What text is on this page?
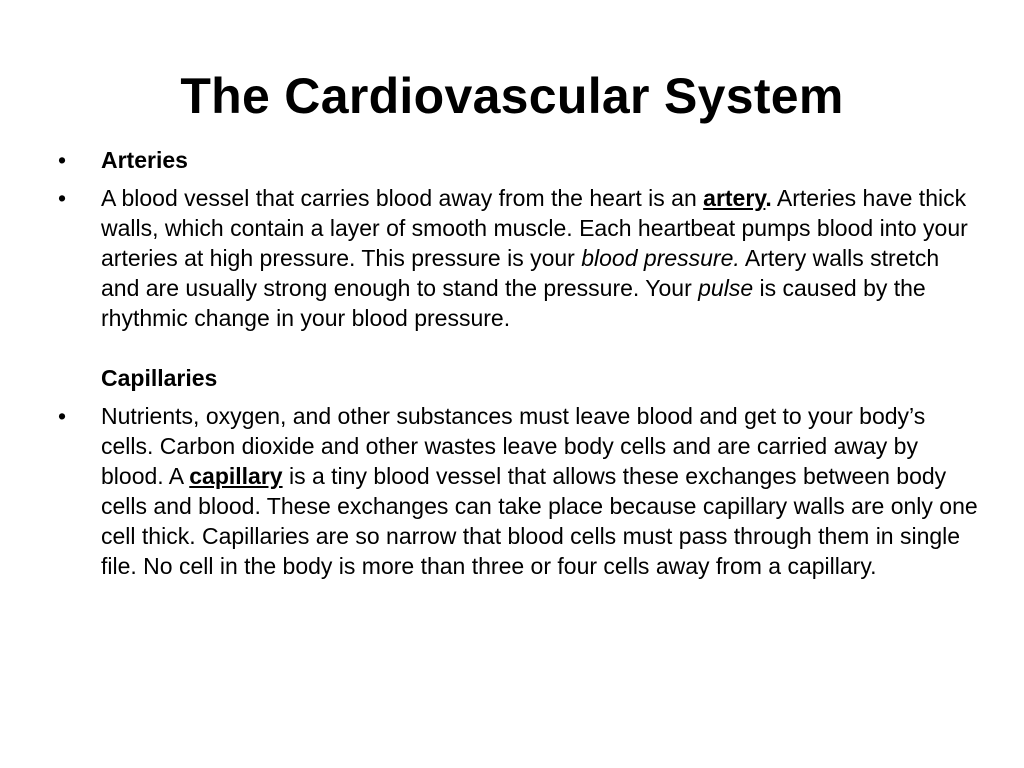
The Cardiovascular System
•	Arteries
•	A blood vessel that carries blood away from the heart is an artery. Arteries have thick walls, which contain a layer of smooth muscle. Each heartbeat pumps blood into your arteries at high pressure. This pressure is your blood pressure. Artery walls stretch and are usually strong enough to stand the pressure. Your pulse is caused by the rhythmic change in your blood pressure.
Capillaries
•	Nutrients, oxygen, and other substances must leave blood and get to your body’s cells. Carbon dioxide and other wastes leave body cells and are carried away by blood. A capillary is a tiny blood vessel that allows these exchanges between body cells and blood. These exchanges can take place because capillary walls are only one cell thick. Capillaries are so narrow that blood cells must pass through them in single file. No cell in the body is more than three or four cells away from a capillary.
